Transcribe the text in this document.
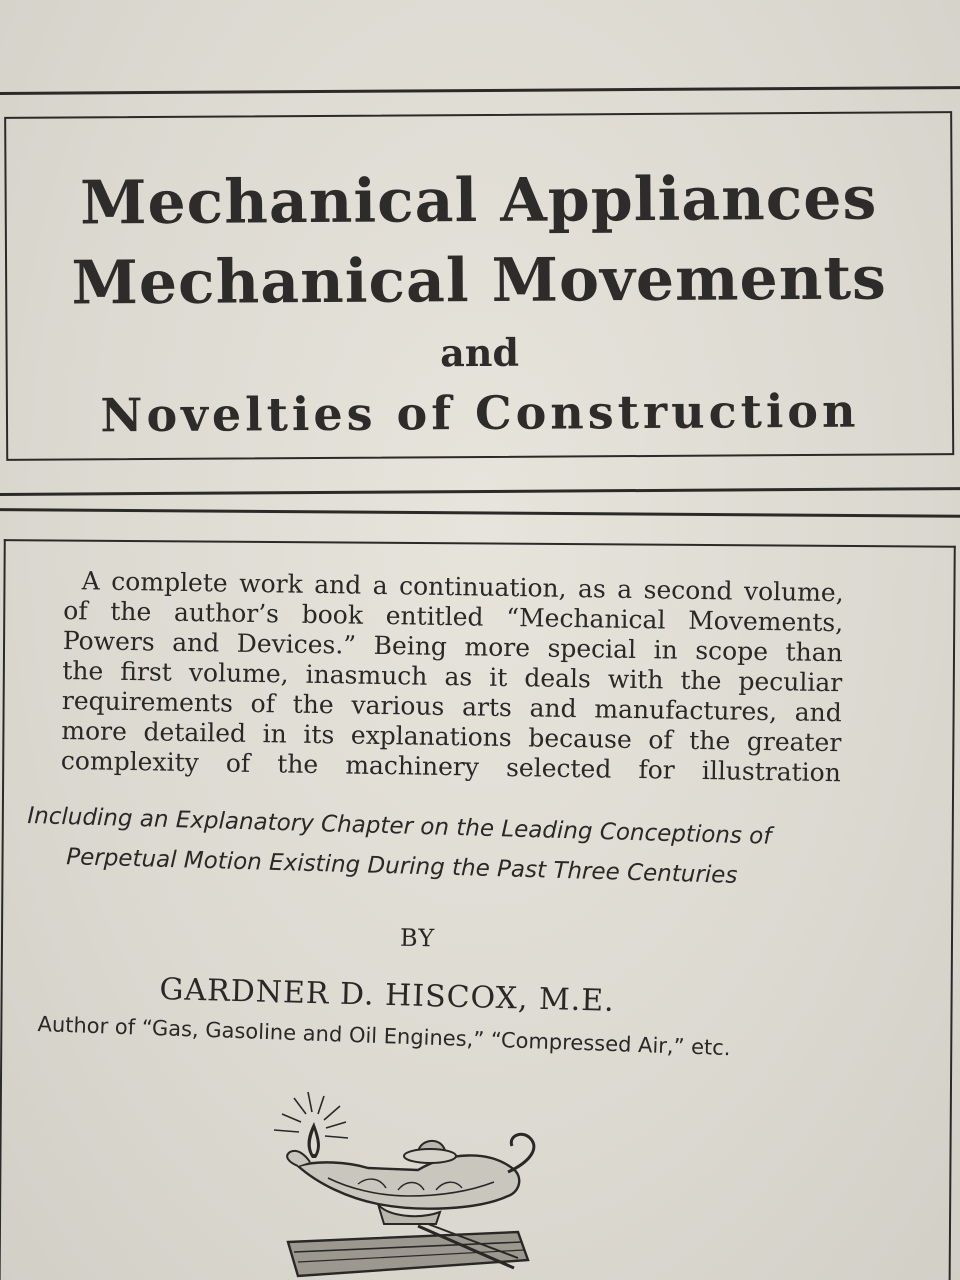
Mechanical Appliances
Mechanical Movements
and
Novelties of Construction
A complete work and a continuation, as a second volume,
of the author’s book entitled “Mechanical Movements,
Powers and Devices.” Being more special in scope than
the first volume, inasmuch as it deals with the peculiar
requirements of the various arts and manufactures, and
more detailed in its explanations because of the greater
complexity of the machinery selected for illustration
Including an Explanatory Chapter on the Leading Conceptions of
Perpetual Motion Existing During the Past Three Centuries
BY
GARDNER D. HISCOX, M.E.
Author of “Gas, Gasoline and Oil Engines,” “Compressed Air,” etc.
